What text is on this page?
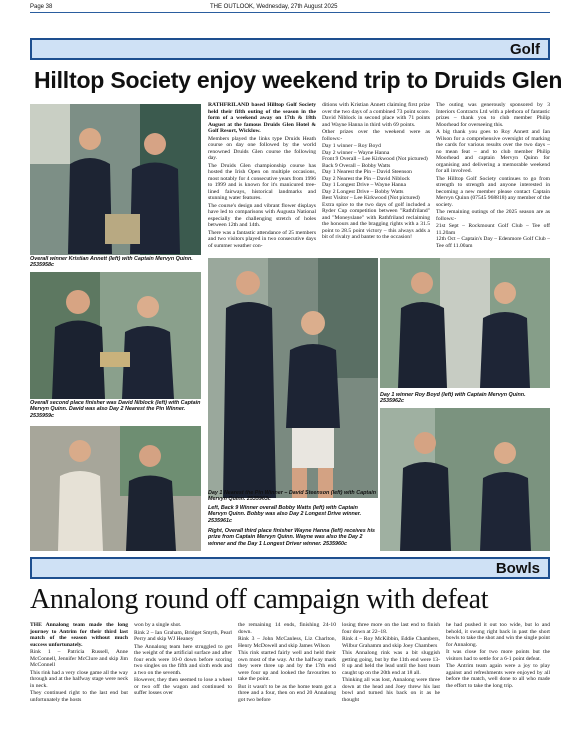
Page 38	THE OUTLOOK, Wednesday, 27th August 2025
Golf
Hilltop Society enjoy weekend trip to Druids Glen
Overall winner Kristian Annett (left) with Captain Mervyn Quinn. 2535958c
Overall second place finisher was David Niblock (left) with Captain Mervyn Quinn. David was also Day 2 Nearest the Pin Winner. 2535959c
Day 1 Nearest the Pin Winner – David Steenson (left) with Captain Mervyn Quinn. 2535963c
Left, Back 9 Winner overall Bobby Watts (left) with Captain Mervyn Quinn. Bobby was also Day 2 Longest Drive winner. 2535961c
Right, Overall third place finisher Wayne Hanna (left) receives his prize from Captain Mervyn Quinn. Wayne was also the Day 2 winner and the Day 1 Longest Driver winner. 2535960c
Day 1 winner Roy Boyd (left) with Captain Mervyn Quinn. 2535962c

RATHFRILAND based Hilltop Golf Society held their fifth outing of the season in the form of a weekend away on 17th & 18th August at the famous Druids Glen Hotel & Golf Resort, Wicklow.

Members played the links type Druids Heath course on day one followed by the world renowned Druids Glen course the following day.

The Druids Glen championship course has hosted the Irish Open on multiple occasions, most notably for 4 consecutive years from 1996 to 1999 and is known for it's manicured tree-lined fairways, historical landmarks and stunning water features.

The course's design and vibrant flower displays have led to comparisons with Augusta National especially the challenging stretch of holes between 12th and 14th.

There was a fantastic attendance of 25 members and two visitors played in two consecutive days of summer weather con-

ditions with Kristian Annett claiming first prize over the two days of a combined 73 point score. David Niblock in second place with 71 points and Wayne Hanna in third with 69 points.

Other prizes over the weekend were as follows:-

Day 1 winner – Roy Boyd
Day 2 winner – Wayne Hanna
Front 9 Overall – Lee Kirkwood (Not pictured)
Back 9 Overall – Bobby Watts
Day 1 Nearest the Pin – David Steenson
Day 2 Nearest the Pin – David Niblock
Day 1 Longest Drive – Wayne Hanna
Day 2 Longest Drive – Bobby Watts
Best Visitor – Lee Kirkwood (Not pictured)

Extra spice to the two days of golf included a Ryder Cup competition between "Rathfriland" and "Moneyslane" with Rathfriland reclaiming the honours and the bragging rights with a 31.5 point to 28.5 point victory – this always adds a bit of rivalry and banter to the occasion!

The outing was generously sponsored by 3 Interiors Contracts Ltd with a plethora of fantastic prizes – thank you to club member Philip Moorhead for overseeing this.

A big thank you goes to Roy Annett and Ian Wilson for a comprehensive oversight of marking the cards for various results over the two days – no mean feat – and to club member Philip Moorhead and captain Mervyn Quinn for organising and delivering a memorable weekend for all involved.

The Hilltop Golf Society continues to go from strength to strength and anyone interested in becoming a new member please contact Captain Mervyn Quinn (07545 968818) any member of the society.

The remaining outings of the 2025 season are as follows:-

21st Sept – Rockmount Golf Club – Tee off 11.20am
12th Oct – Captain's Day – Edenmore Golf Club – Tee off 11.00am
Bowls
Annalong round off campaign with defeat

THE Annalong team made the long journey to Antrim for their third last match of the season without much success unfortunately.

Rink 1 – Patricia Russell, Anne McConnell, Jennifer McClure and skip Jim McConnell

This rink had a very close game all the way through and at the halfway stage were neck in neck.

They continued right to the last end but unfortunately the hosts

won by a single shot.

Rink 2 – Ian Graham, Bridget Smyth, Pearl Perry and skip WJ Heaney

The Annalong team here struggled to get the weight of the artificial surface and after four ends were 10-0 down before scoring two singles on the fifth and sixth ends and a two on the seventh.

However, they then seemed to lose a wheel or two off the wagon and continued to suffer losses over

the remaining 14 ends, finishing 24-10 down.

Rink 3 – John McCanless, Liz Charlton, Henry McDowell and skip James Wilson

This rink started fairly well and held their own most of the way. At the halfway mark they were three up and by the 17th end were four up and looked the favourites to take the point.

But it wasn't to be as the home team got a three and a four, then on end 20 Annalong got two before

losing three more on the last end to finish four down at 22–18.

Rink 4 – Roy McKibbin, Eddie Chambers, Wilbur Grahamm and skip Joey Chambers

This Annalong rink was a bit sluggish getting going, but by the 11th end were 13-8 up and held the lead until the host team caught up on the 20th end at 18 all.

Thinking all was lost, Annalong were three down at the head and Joey threw his last bowl and turned his back on it as he thought

he had pushed it out too wide, but lo and behold, it swung right back in past the short bowls to take the shot and win the single point for Annalong.

It was close for two more points but the visitors had to settle for a 6-1 point defeat.

The Antrim team again were a joy to play against and refreshments were enjoyed by all before the match, well done to all who made the effort to take the long trip.
